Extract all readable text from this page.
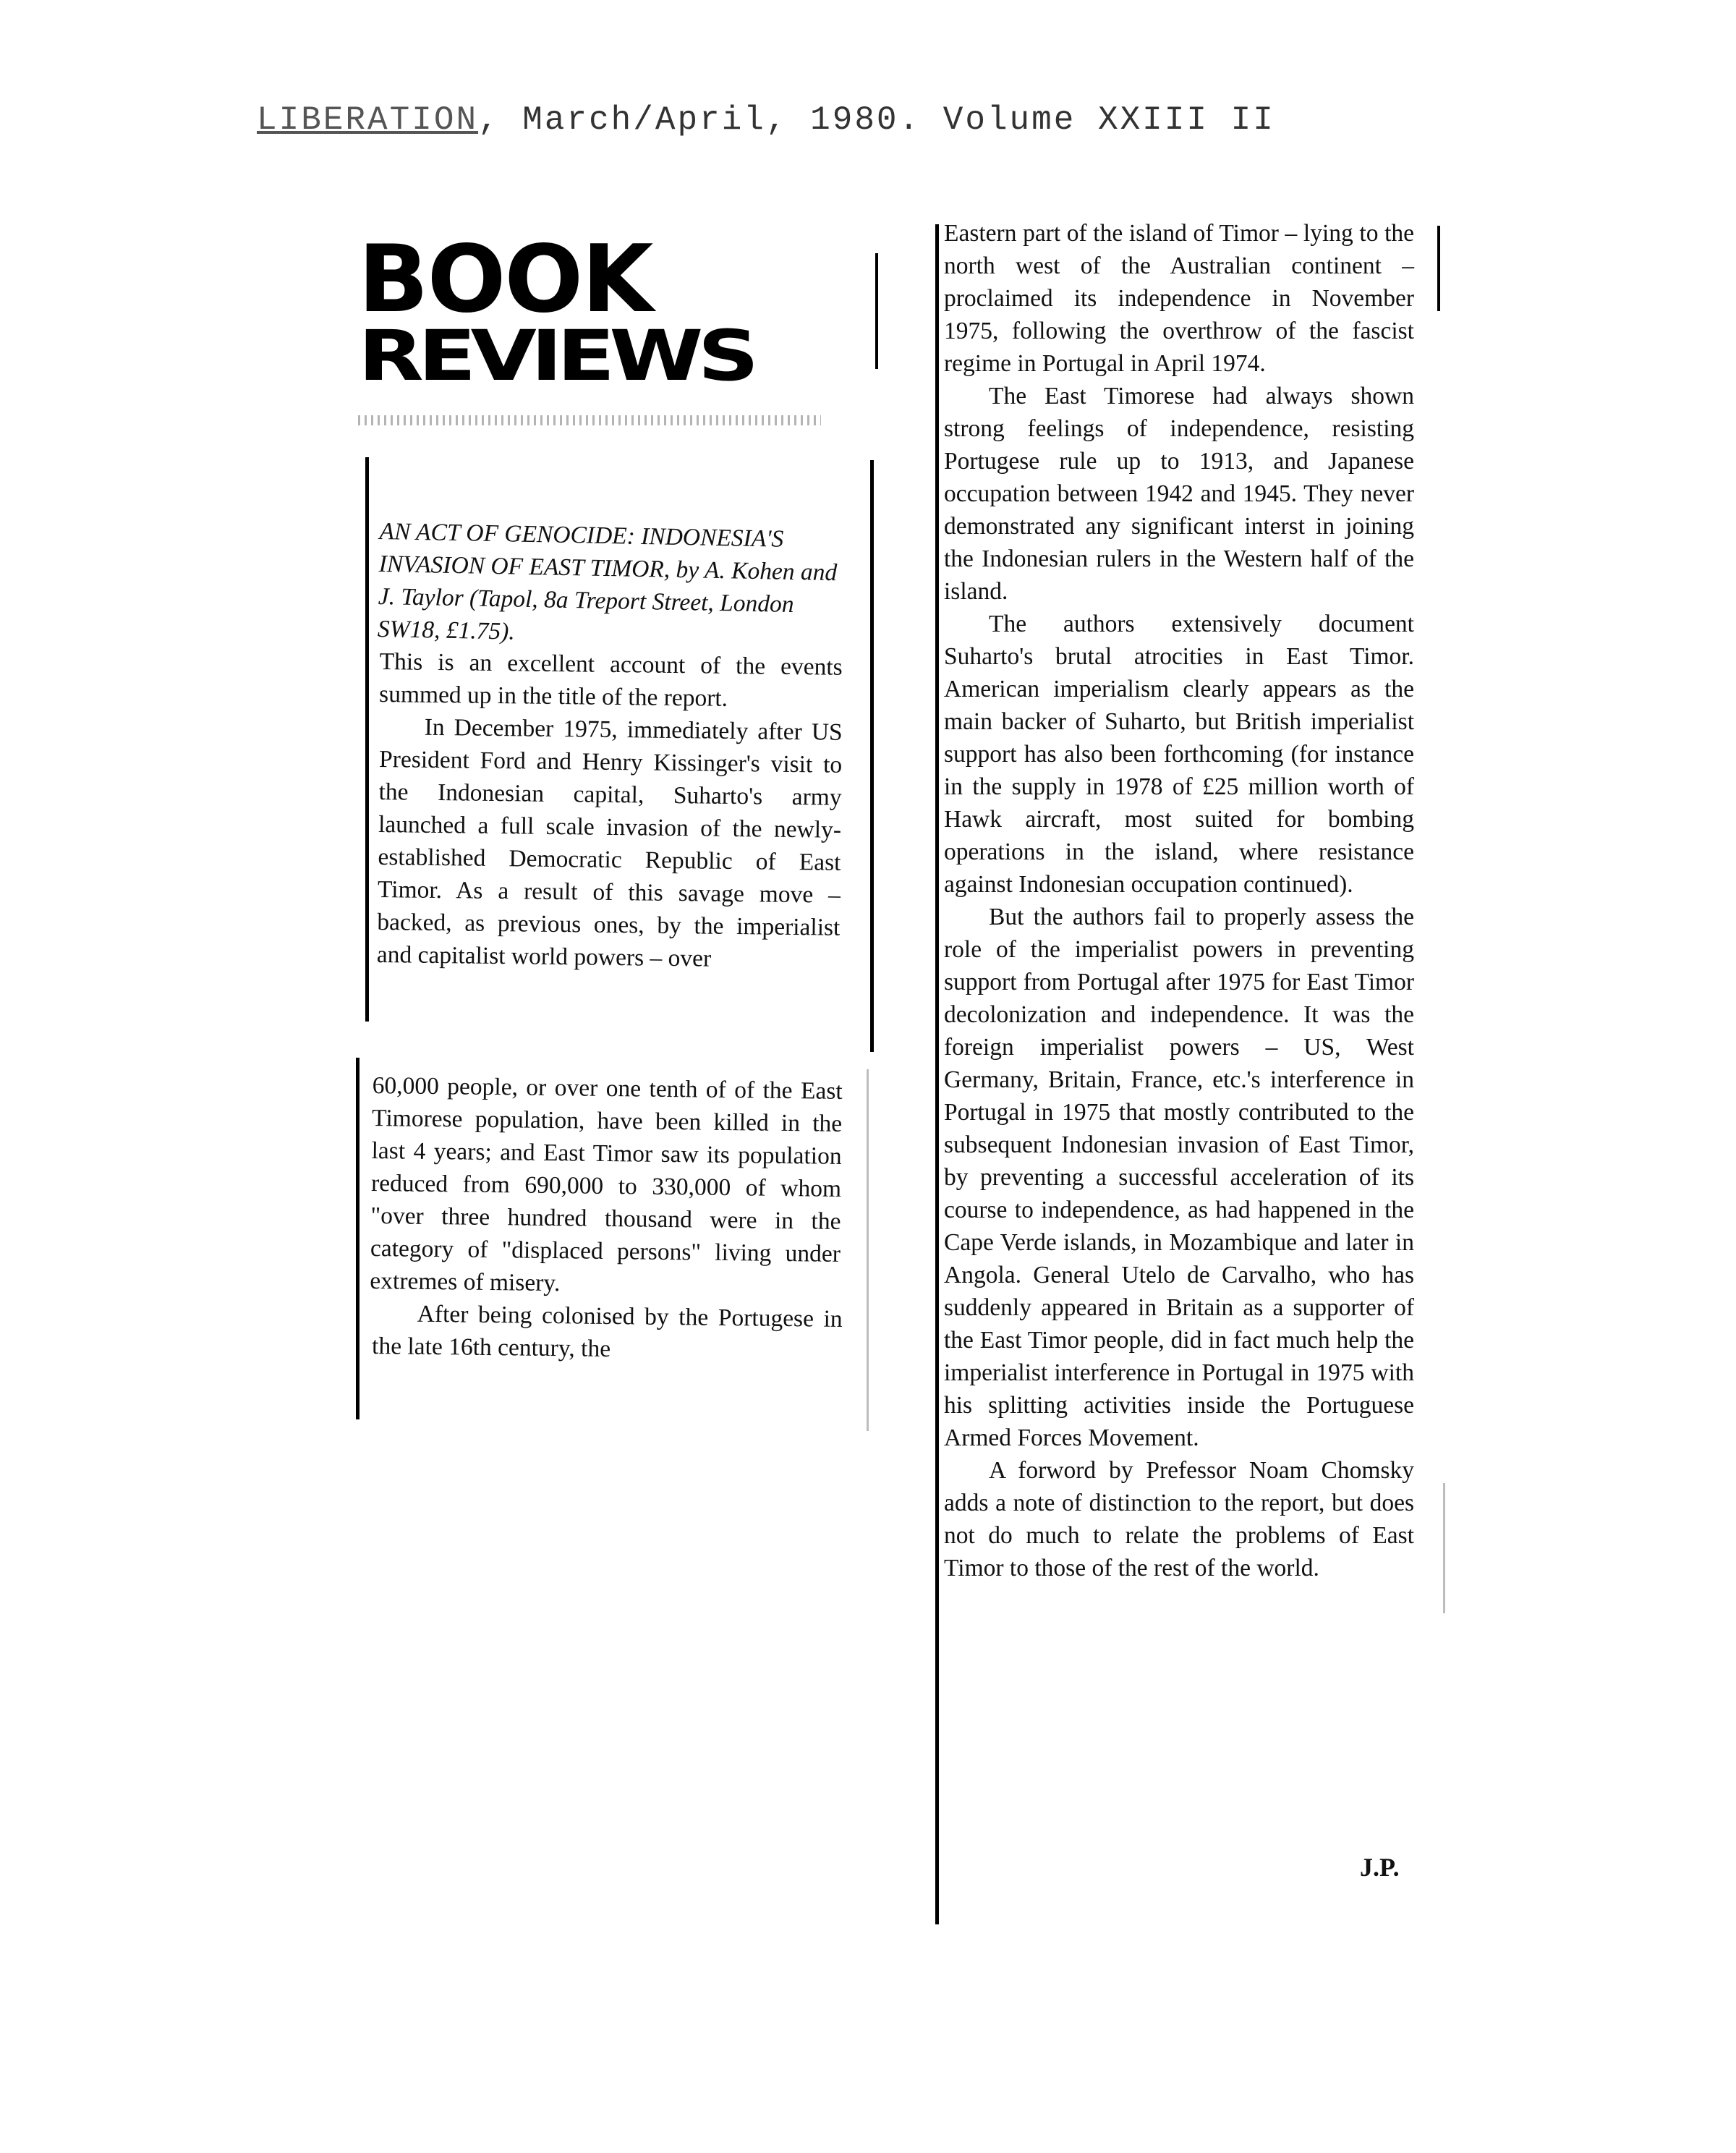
LIBERATION, March/April, 1980. Volume XXIII II
BOOK
REVIEWS

AN ACT OF GENOCIDE: INDONESIA'S INVASION OF EAST TIMOR, by A. Kohen and J. Taylor (Tapol, 8a Treport Street, London SW18, £1.75).

This is an excellent account of the events summed up in the title of the report.

In December 1975, immediately after US President Ford and Henry Kissinger's visit to the Indonesian capital, Suharto's army launched a full scale invasion of the newly-established Democratic Republic of East Timor. As a result of this savage move – backed, as previous ones, by the imperialist and capitalist world powers – over

60,000 people, or over one tenth of of the East Timorese population, have been killed in the last 4 years; and East Timor saw its population reduced from 690,000 to 330,000 of whom "over three hundred thousand were in the category of "displaced persons" living under extremes of misery.

After being colonised by the Portugese in the late 16th century, the

Eastern part of the island of Timor – lying to the north west of the Australian continent – proclaimed its independence in November 1975, following the overthrow of the fascist regime in Portugal in April 1974.

The East Timorese had always shown strong feelings of independence, resisting Portugese rule up to 1913, and Japanese occupation between 1942 and 1945. They never demonstrated any significant interst in joining the Indonesian rulers in the Western half of the island.

The authors extensively document Suharto's brutal atrocities in East Timor. American imperialism clearly appears as the main backer of Suharto, but British imperialist support has also been forthcoming (for instance in the supply in 1978 of £25 million worth of Hawk aircraft, most suited for bombing operations in the island, where resistance against Indonesian occupation continued).

But the authors fail to properly assess the role of the imperialist powers in preventing support from Portugal after 1975 for East Timor decolonization and independence. It was the foreign imperialist powers – US, West Germany, Britain, France, etc.'s interference in Portugal in 1975 that mostly contributed to the subsequent Indonesian invasion of East Timor, by preventing a successful acceleration of its course to independence, as had happened in the Cape Verde islands, in Mozambique and later in Angola. General Utelo de Carvalho, who has suddenly appeared in Britain as a supporter of the East Timor people, did in fact much help the imperialist interference in Portugal in 1975 with his splitting activities inside the Portuguese Armed Forces Movement.

A forword by Prefessor Noam Chomsky adds a note of distinction to the report, but does not do much to relate the problems of East Timor to those of the rest of the world.

J.P.
